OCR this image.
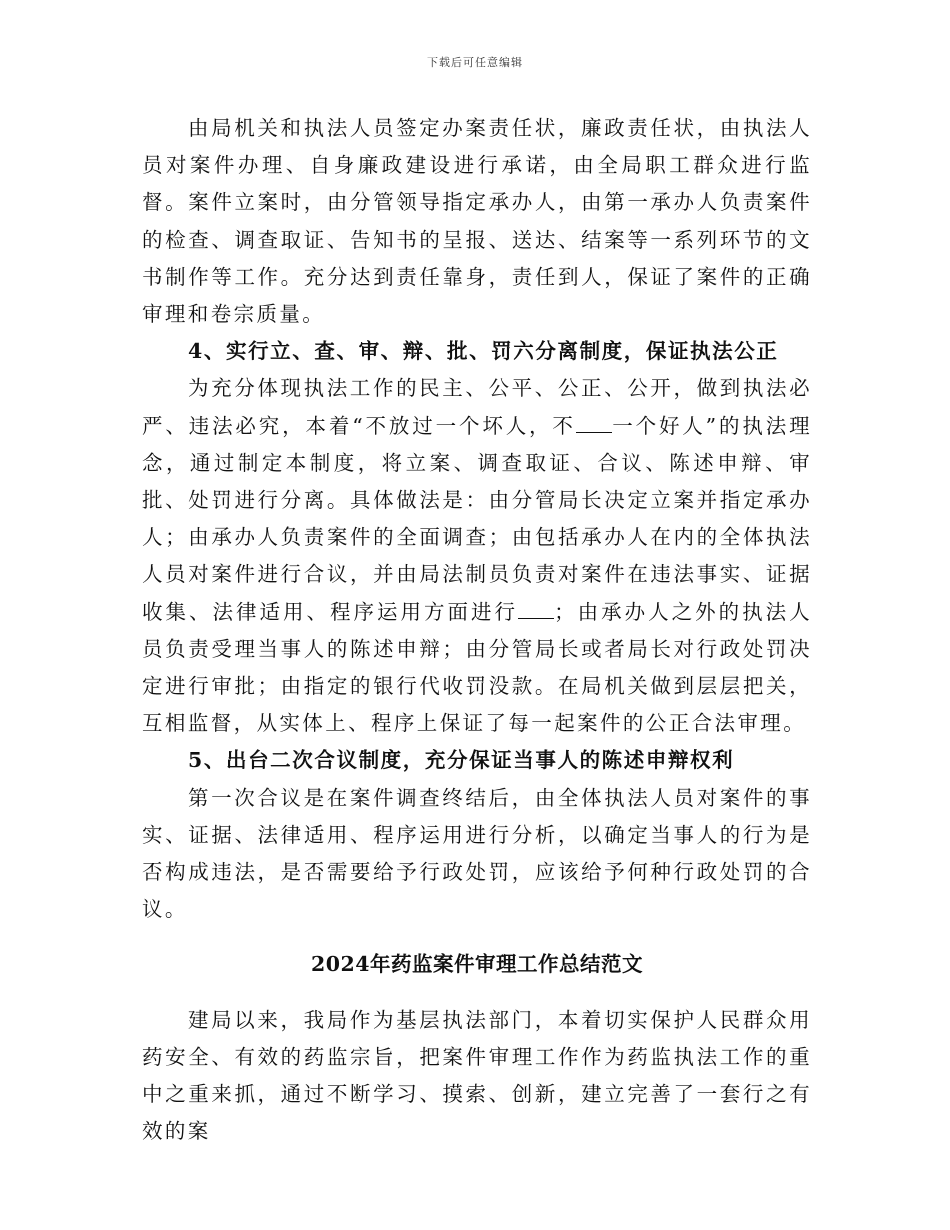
下载后可任意编辑

由局机关和执法人员签定办案责任状，廉政责任状，由执法人员对案件办理、自身廉政建设进行承诺，由全局职工群众进行监督。案件立案时，由分管领导指定承办人，由第一承办人负责案件的检查、调查取证、告知书的呈报、送达、结案等一系列环节的文书制作等工作。充分达到责任靠身，责任到人，保证了案件的正确审理和卷宗质量。

4、实行立、查、审、辩、批、罚六分离制度，保证执法公正

为充分体现执法工作的民主、公平、公正、公开，做到执法必严、违法必究，本着“不放过一个坏人，不 一个好人”的执法理念，通过制定本制度，将立案、调查取证、合议、陈述申辩、审批、处罚进行分离。具体做法是：由分管局长决定立案并指定承办人；由承办人负责案件的全面调查；由包括承办人在内的全体执法人员对案件进行合议，并由局法制员负责对案件在违法事实、证据收集、法律适用、程序运用方面进行 ；由承办人之外的执法人员负责受理当事人的陈述申辩；由分管局长或者局长对行政处罚决定进行审批；由指定的银行代收罚没款。在局机关做到层层把关，互相监督，从实体上、程序上保证了每一起案件的公正合法审理。

5、出台二次合议制度，充分保证当事人的陈述申辩权利

第一次合议是在案件调查终结后，由全体执法人员对案件的事实、证据、法律适用、程序运用进行分析，以确定当事人的行为是否构成违法，是否需要给予行政处罚，应该给予何种行政处罚的合议。

2024年药监案件审理工作总结范文

建局以来，我局作为基层执法部门，本着切实保护人民群众用药安全、有效的药监宗旨，把案件审理工作作为药监执法工作的重中之重来抓，通过不断学习、摸索、创新，建立完善了一套行之有效的案
